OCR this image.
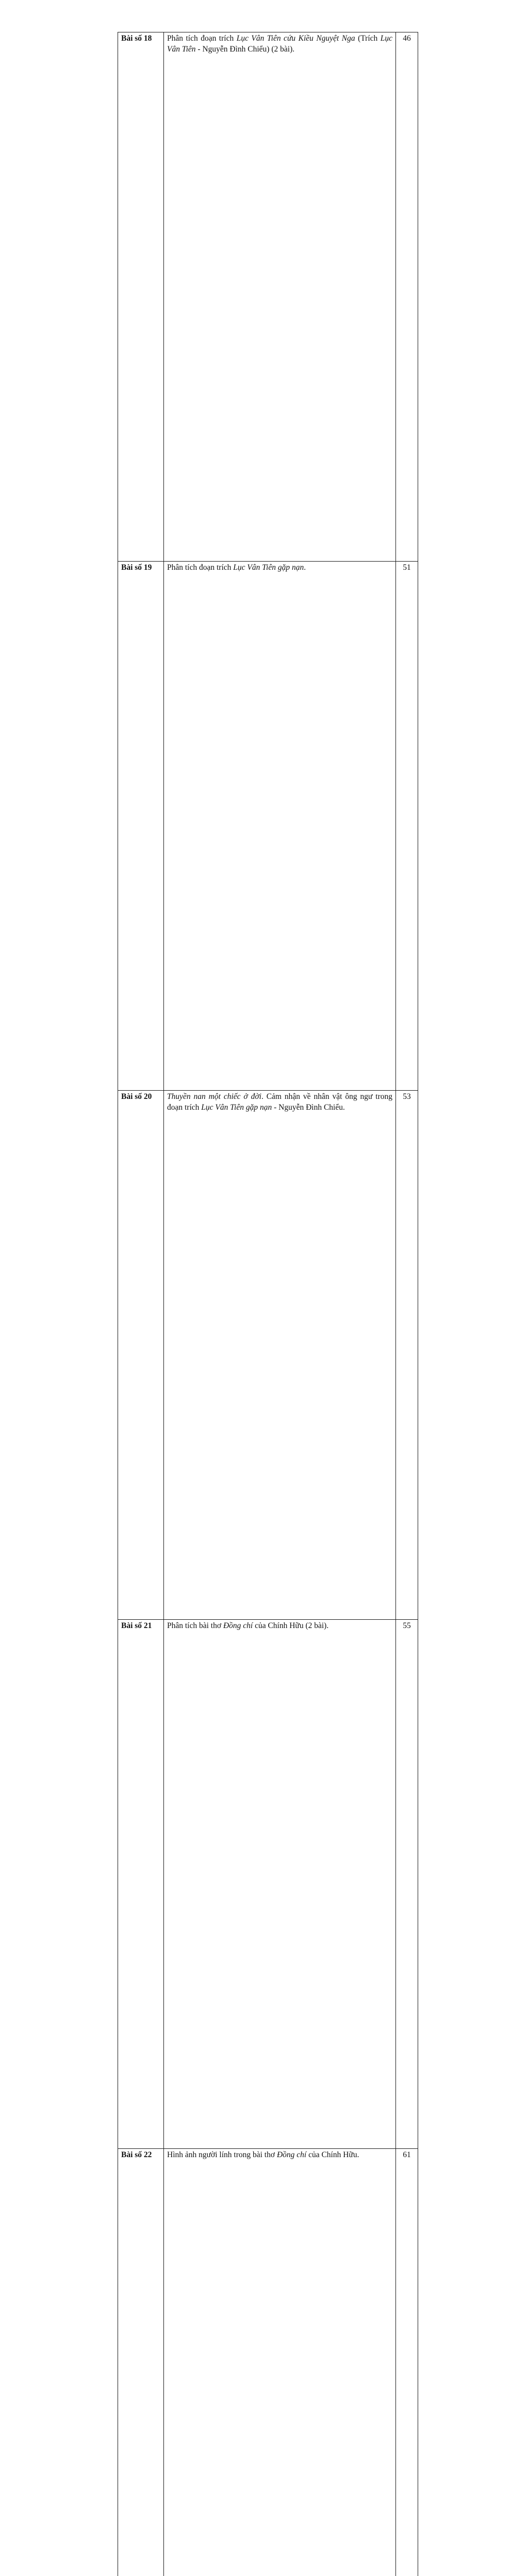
Bài số 18	Phân tích đoạn trích Lục Vân Tiên cứu Kiều Nguyệt Nga (Trích Lục Vân Tiên - Nguyễn Đình Chiểu) (2 bài).	46
Bài số 19	Phân tích đoạn trích Lục Vân Tiên gặp nạn.	51
Bài số 20	Thuyền nan một chiếc ở đời. Cảm nhận về nhân vật ông ngư trong đoạn trích Lục Vân Tiên gặp nạn - Nguyễn Đình Chiểu.	53
Bài số 21	Phân tích bài thơ Đồng chí của Chính Hữu (2 bài).	55
Bài số 22	Hình ảnh người lính trong bài thơ Đồng chí của Chính Hữu.	61
